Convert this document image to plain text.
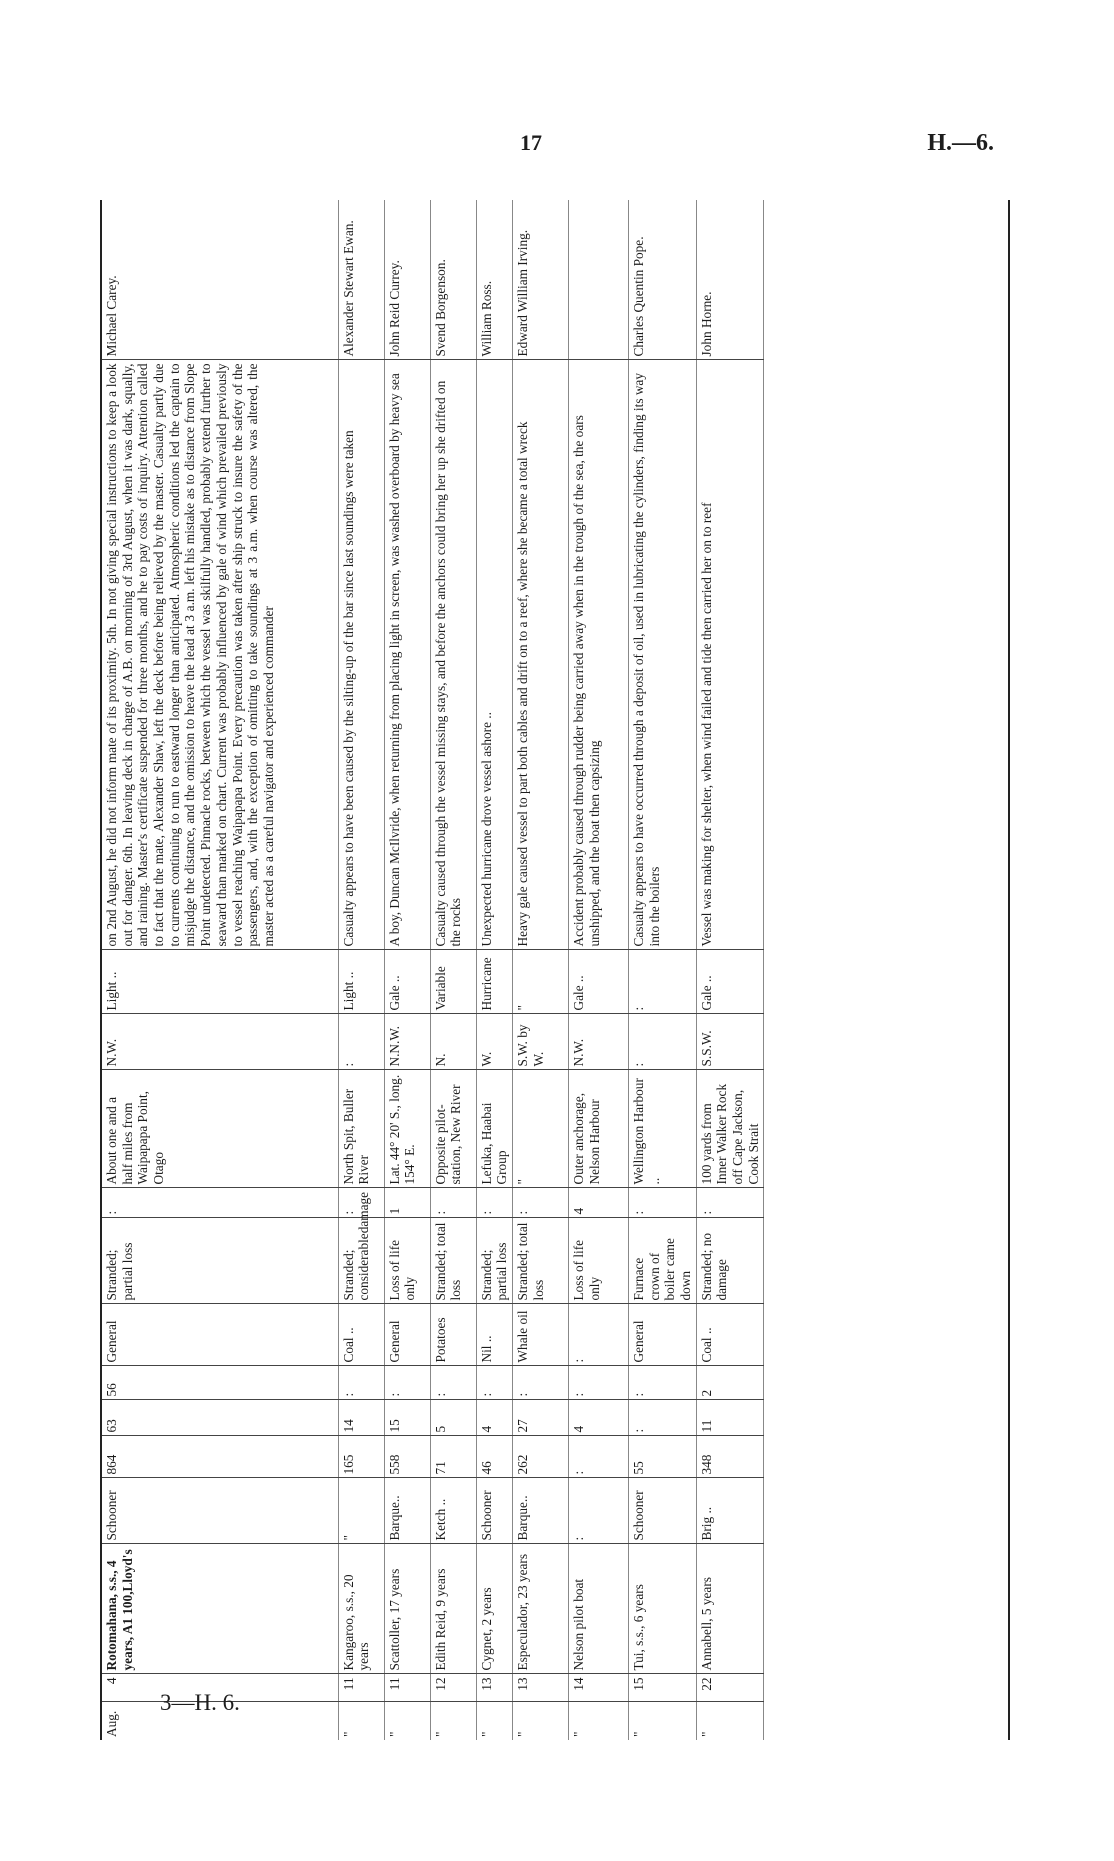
17	H.—6.
Aug.	4	Rotomahana, s.s., 4 years, A1 100,Lloyd's	Schooner	864	63	56	General	Stranded; partial loss	:	About one and a half miles from Waipapapa Point, Otago	N.W.	Light ..	on 2nd August, he did not inform mate of its proximity. 5th. In not giving special instructions to keep a look out for danger. 6th. In leaving deck in charge of A.B. on morning of 3rd August, when it was dark, squally, and raining. Master's certificate suspended for three months, and he to pay costs of inquiry. Attention called to fact that the mate, Alexander Shaw, left the deck before being relieved by the master. Casualty partly due to currents continuing to run to eastward longer than anticipated. Atmospheric conditions led the captain to misjudge the distance, and the omission to heave the lead at 3 a.m. left his mistake as to distance from Slope Point undetected. Pinnacle rocks, between which the vessel was skilfully handled, probably extend further to seaward than marked on chart. Current was probably influenced by gale of wind which prevailed previously to vessel reaching Waipapapa Point. Every precaution was taken after ship struck to insure the safety of the passengers, and, with the exception of omitting to take soundings at 3 a.m. when course was altered, the master acted as a careful navigator and experienced commander	Michael Carey.
"	11	Kangaroo, s.s., 20 years	"	165	14	:	Coal ..	Stranded; considerabledamage	:	North Spit, Buller River	:	Light ..	Casualty appears to have been caused by the silting-up of the bar since last soundings were taken	Alexander Stewart Ewan.
"	11	Scattoller, 17 years	Barque..	558	15	:	General	Loss of life only	1	Lat. 44° 20' S., long. 154° E.	N.N.W.	Gale ..	A boy, Duncan McIlvride, when returning from placing light in screen, was washed overboard by heavy sea	John Reid Currey.
"	12	Edith Reid, 9 years	Ketch ..	71	5	:	Potatoes	Stranded; total loss	:	Opposite pilot-station, New River	N.	Variable	Casualty caused through the vessel missing stays, and before the anchors could bring her up she drifted on the rocks	Svend Borgenson.
"	13	Cygnet, 2 years	Schooner	46	4	:	Nil ..	Stranded; partial loss	:	Lefuka, Haabai Group	W.	Hurricane	Unexpected hurricane drove vessel ashore ..	William Ross.
"	13	Especulador, 23 years	Barque..	262	27	:	Whale oil	Stranded; total loss	:	"	S.W. by W.	"	Heavy gale caused vessel to part both cables and drift on to a reef, where she became a total wreck	Edward William Irving.
"	14	Nelson pilot boat	:	:	4	:	:	Loss of life only	4	Outer anchorage, Nelson Harbour	N.W.	Gale ..	Accident probably caused through rudder being carried away when in the trough of the sea, the oars unshipped, and the boat then capsizing	
"	15	Tui, s.s., 6 years	Schooner	55	:	:	General	Furnace crown of boiler came down	:	Wellington Harbour ..	:	:	Casualty appears to have occurred through a deposit of oil, used in lubricating the cylinders, finding its way into the boilers	Charles Quentin Pope.
"	22	Annabell, 5 years	Brig ..	348	11	2	Coal ..	Stranded; no damage	:	100 yards from Inner Walker Rock off Cape Jackson, Cook Strait	S.S.W.	Gale ..	Vessel was making for shelter, when wind failed and tide then carried her on to reef	John Horne.
3—H. 6.
